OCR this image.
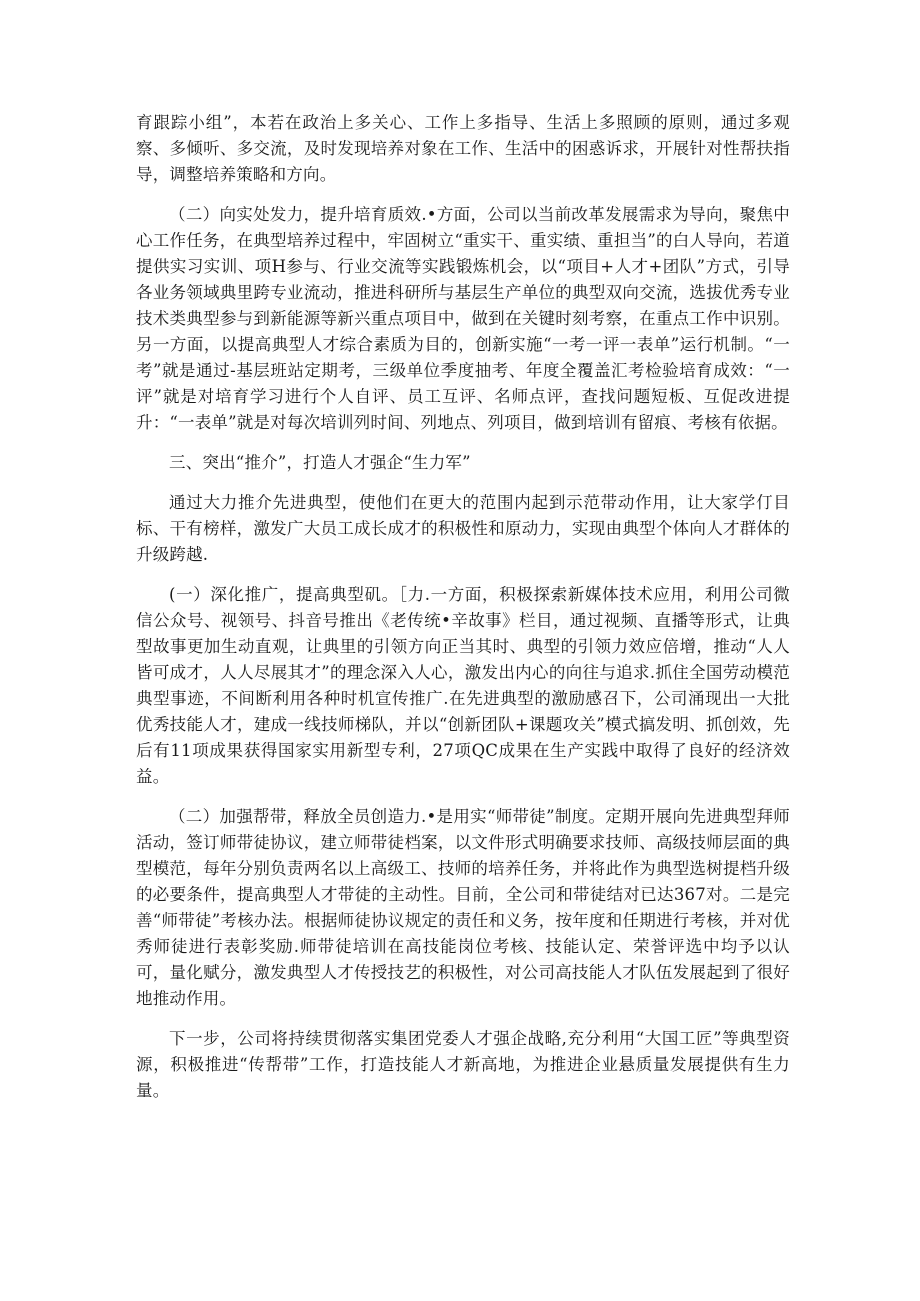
育跟踪小组”，本若在政治上多关心、工作上多指导、生活上多照顾的原则，通过多观察、多倾听、多交流，及时发现培养对象在工作、生活中的困惑诉求，开展针对性帮扶指导，调整培养策略和方向。

（二）向实处发力，提升培育质效.•方面，公司以当前改革发展需求为导向，聚焦中心工作任务，在典型培养过程中，牢固树立“重实干、重实绩、重担当”的白人导向，若道提供实习实训、项H参与、行业交流等实践锻炼机会，以“项目+人才+团队”方式，引导各业务领域典里跨专业流动，推进科研所与基层生产单位的典型双向交流，选拔优秀专业技术类典型参与到新能源等新兴重点项目中，做到在关键时刻考察，在重点工作中识别。另一方面，以提高典型人才综合素质为目的，创新实施“一考一评一表单”运行机制。“一考”就是通过-基层班站定期考，三级单位季度抽考、年度全覆盖汇考检验培育成效：“一评”就是对培育学习进行个人自评、员工互评、名师点评，查找问题短板、互促改进提升：“一表单”就是对每次培训列时间、列地点、列项目，做到培训有留痕、考核有依据。

三、突出“推介”，打造人才强企“生力军”

通过大力推介先进典型，使他们在更大的范围内起到示范带动作用，让大家学仃目标、干有榜样，激发广大员工成长成才的积极性和原动力，实现由典型个体向人才群体的升级跨越.

(一）深化推广，提高典型矶。［力.一方面，积极探索新媒体技术应用，利用公司微信公众号、视领号、抖音号推出《老传统•辛故事》栏目，通过视频、直播等形式，让典型故事更加生动直观，让典里的引领方向正当其时、典型的引领力效应倍增，推动“人人皆可成才，人人尽展其才”的理念深入人心，激发出内心的向往与追求.抓住全国劳动模范典型事迹，不间断利用各种时机宣传推广.在先进典型的激励感召下，公司涌现出一大批优秀技能人才，建成一线技师梯队，并以“创新团队+课题攻关”模式搞发明、抓创效，先后有11项成果获得国家实用新型专利，27项QC成果在生产实践中取得了良好的经济效益。

（二）加强帮带，释放全员创造力.•是用实“师带徒”制度。定期开展向先进典型拜师活动，签订师带徒协议，建立师带徒档案，以文件形式明确要求技师、高级技师层面的典型模范，每年分别负责两名以上高级工、技师的培养任务，并将此作为典型选树提档升级的必要条件，提高典型人才带徒的主动性。目前，全公司和带徒结对已达367对。二是完善“师带徒”考核办法。根据师徒协议规定的责任和义务，按年度和任期进行考核，并对优秀师徒进行表彰奖励.师带徒培训在高技能岗位考核、技能认定、荣誉评选中均予以认可，量化赋分，激发典型人才传授技艺的积极性，对公司高技能人才队伍发展起到了很好地推动作用。

下一步，公司将持续贯彻落实集团党委人才强企战略,充分利用“大国工匠”等典型资源，积极推进“传帮带”工作，打造技能人才新高地，为推进企业悬质量发展提供有生力量。
